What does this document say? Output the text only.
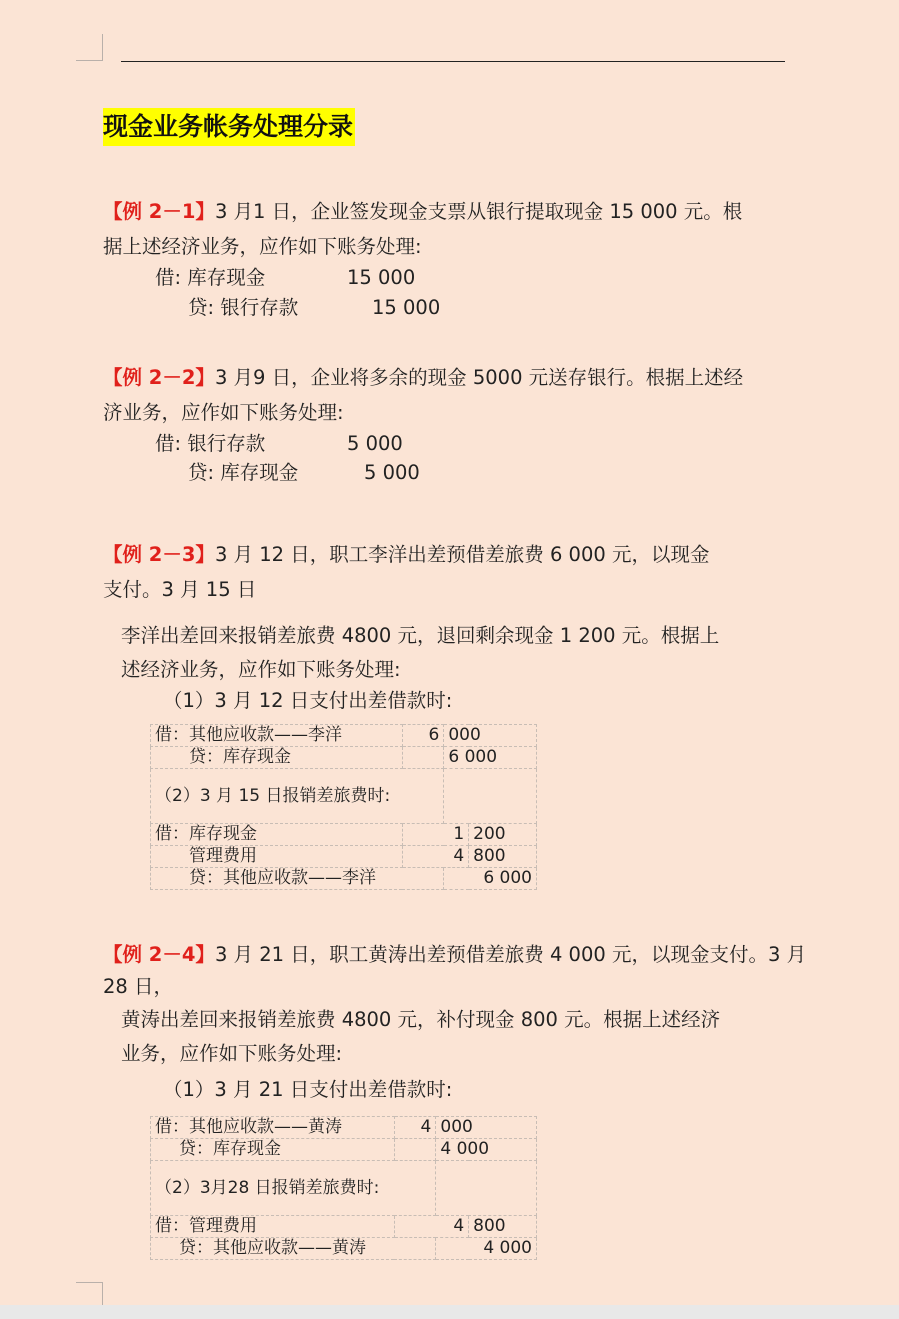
现金业务帐务处理分录
【例 2－1】3 月1 日，企业签发现金支票从银行提取现金 15 000 元。根
据上述经济业务，应作如下账务处理:
借: 库存现金	15 000
贷: 银行存款	15 000
【例 2－2】3 月9 日，企业将多余的现金 5000 元送存银行。根据上述经
济业务，应作如下账务处理:
借: 银行存款	5 000
贷: 库存现金	5 000
【例 2－3】3 月 12 日，职工李洋出差预借差旅费 6 000 元，以现金
支付。3 月 15 日
李洋出差回来报销差旅费 4800 元，退回剩余现金 1 200 元。根据上
述经济业务，应作如下账务处理:
（1）3 月 12 日支付出差借款时:
借：其他应收款——李洋	6	000	
贷：库存现金		6 000	
（2）3 月 15 日报销差旅费时:			
借：库存现金	1		200
管理费用	4		800
贷：其他应收款——李洋		6 000	
【例 2－4】3 月 21 日，职工黄涛出差预借差旅费 4 000 元，以现金支付。3 月
28 日，
黄涛出差回来报销差旅费 4800 元，补付现金 800 元。根据上述经济
业务，应作如下账务处理:
（1）3 月 21 日支付出差借款时:
借：其他应收款——黄涛	4	000	
贷：库存现金		4 000	
（2）3月28 日报销差旅费时:			
借：管理费用	4		800
贷：其他应收款——黄涛		4 000	
